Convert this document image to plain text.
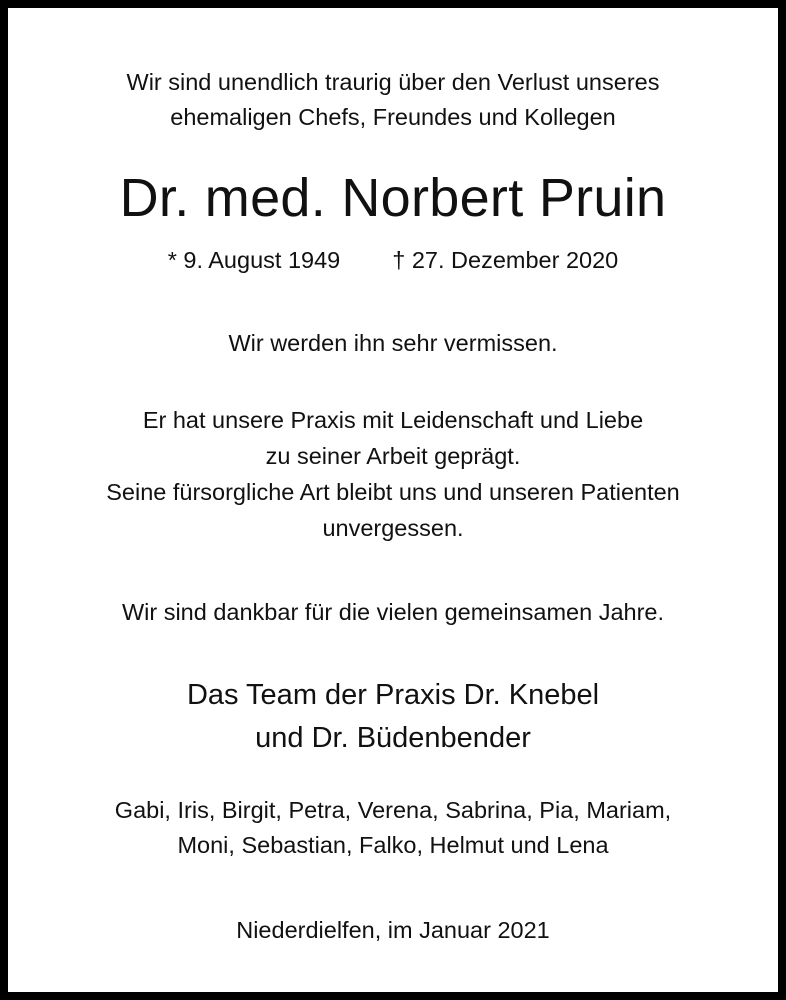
Wir sind unendlich traurig über den Verlust unseres
ehemaligen Chefs, Freundes und Kollegen
Dr. med. Norbert Pruin
* 9. August 1949 † 27. Dezember 2020
Wir werden ihn sehr vermissen.
Er hat unsere Praxis mit Leidenschaft und Liebe
zu seiner Arbeit geprägt.
Seine fürsorgliche Art bleibt uns und unseren Patienten
unvergessen.
Wir sind dankbar für die vielen gemeinsamen Jahre.
Das Team der Praxis Dr. Knebel
und Dr. Büdenbender
Gabi, Iris, Birgit, Petra, Verena, Sabrina, Pia, Mariam,
Moni, Sebastian, Falko, Helmut und Lena
Niederdielfen, im Januar 2021
